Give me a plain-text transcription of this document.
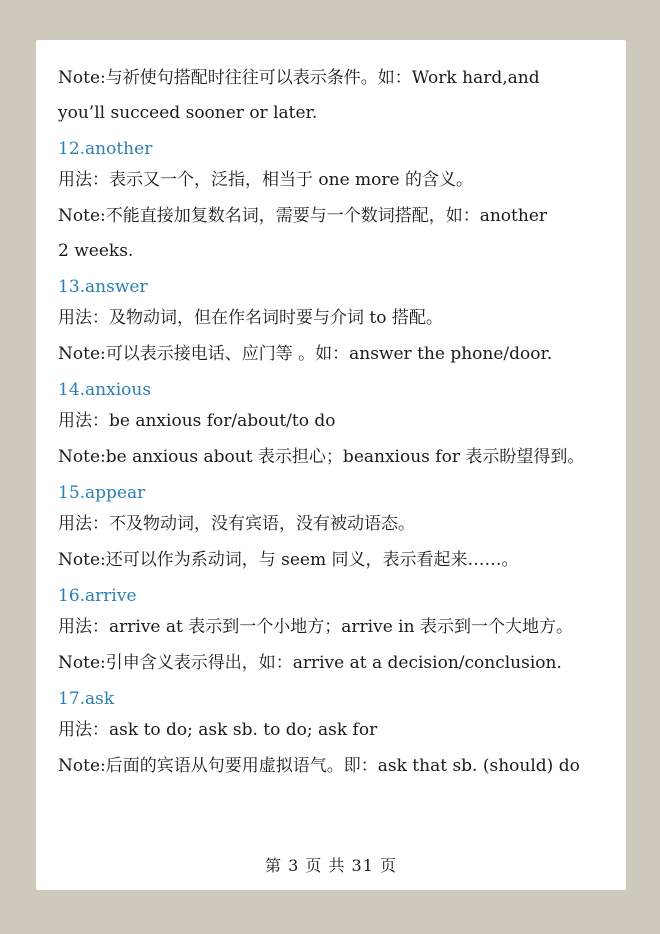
Note:与祈使句搭配时往往可以表示条件。如：Work hard,and
you’ll succeed sooner or later.
12.another
用法：表示又一个，泛指，相当于 one more 的含义。
Note:不能直接加复数名词，需要与一个数词搭配，如：another
2 weeks.
13.answer
用法：及物动词，但在作名词时要与介词 to 搭配。
Note:可以表示接电话、应门等 。如：answer the phone/door.
14.anxious
用法：be anxious for/about/to do
Note:be anxious about 表示担心；beanxious for 表示盼望得到。
15.appear
用法：不及物动词，没有宾语，没有被动语态。
Note:还可以作为系动词，与 seem 同义，表示看起来……。
16.arrive
用法：arrive at 表示到一个小地方；arrive in 表示到一个大地方。
Note:引申含义表示得出，如：arrive at a decision/conclusion.
17.ask
用法：ask to do; ask sb. to do; ask for
Note:后面的宾语从句要用虚拟语气。即：ask that sb. (should) do
第 3 页 共 31 页
